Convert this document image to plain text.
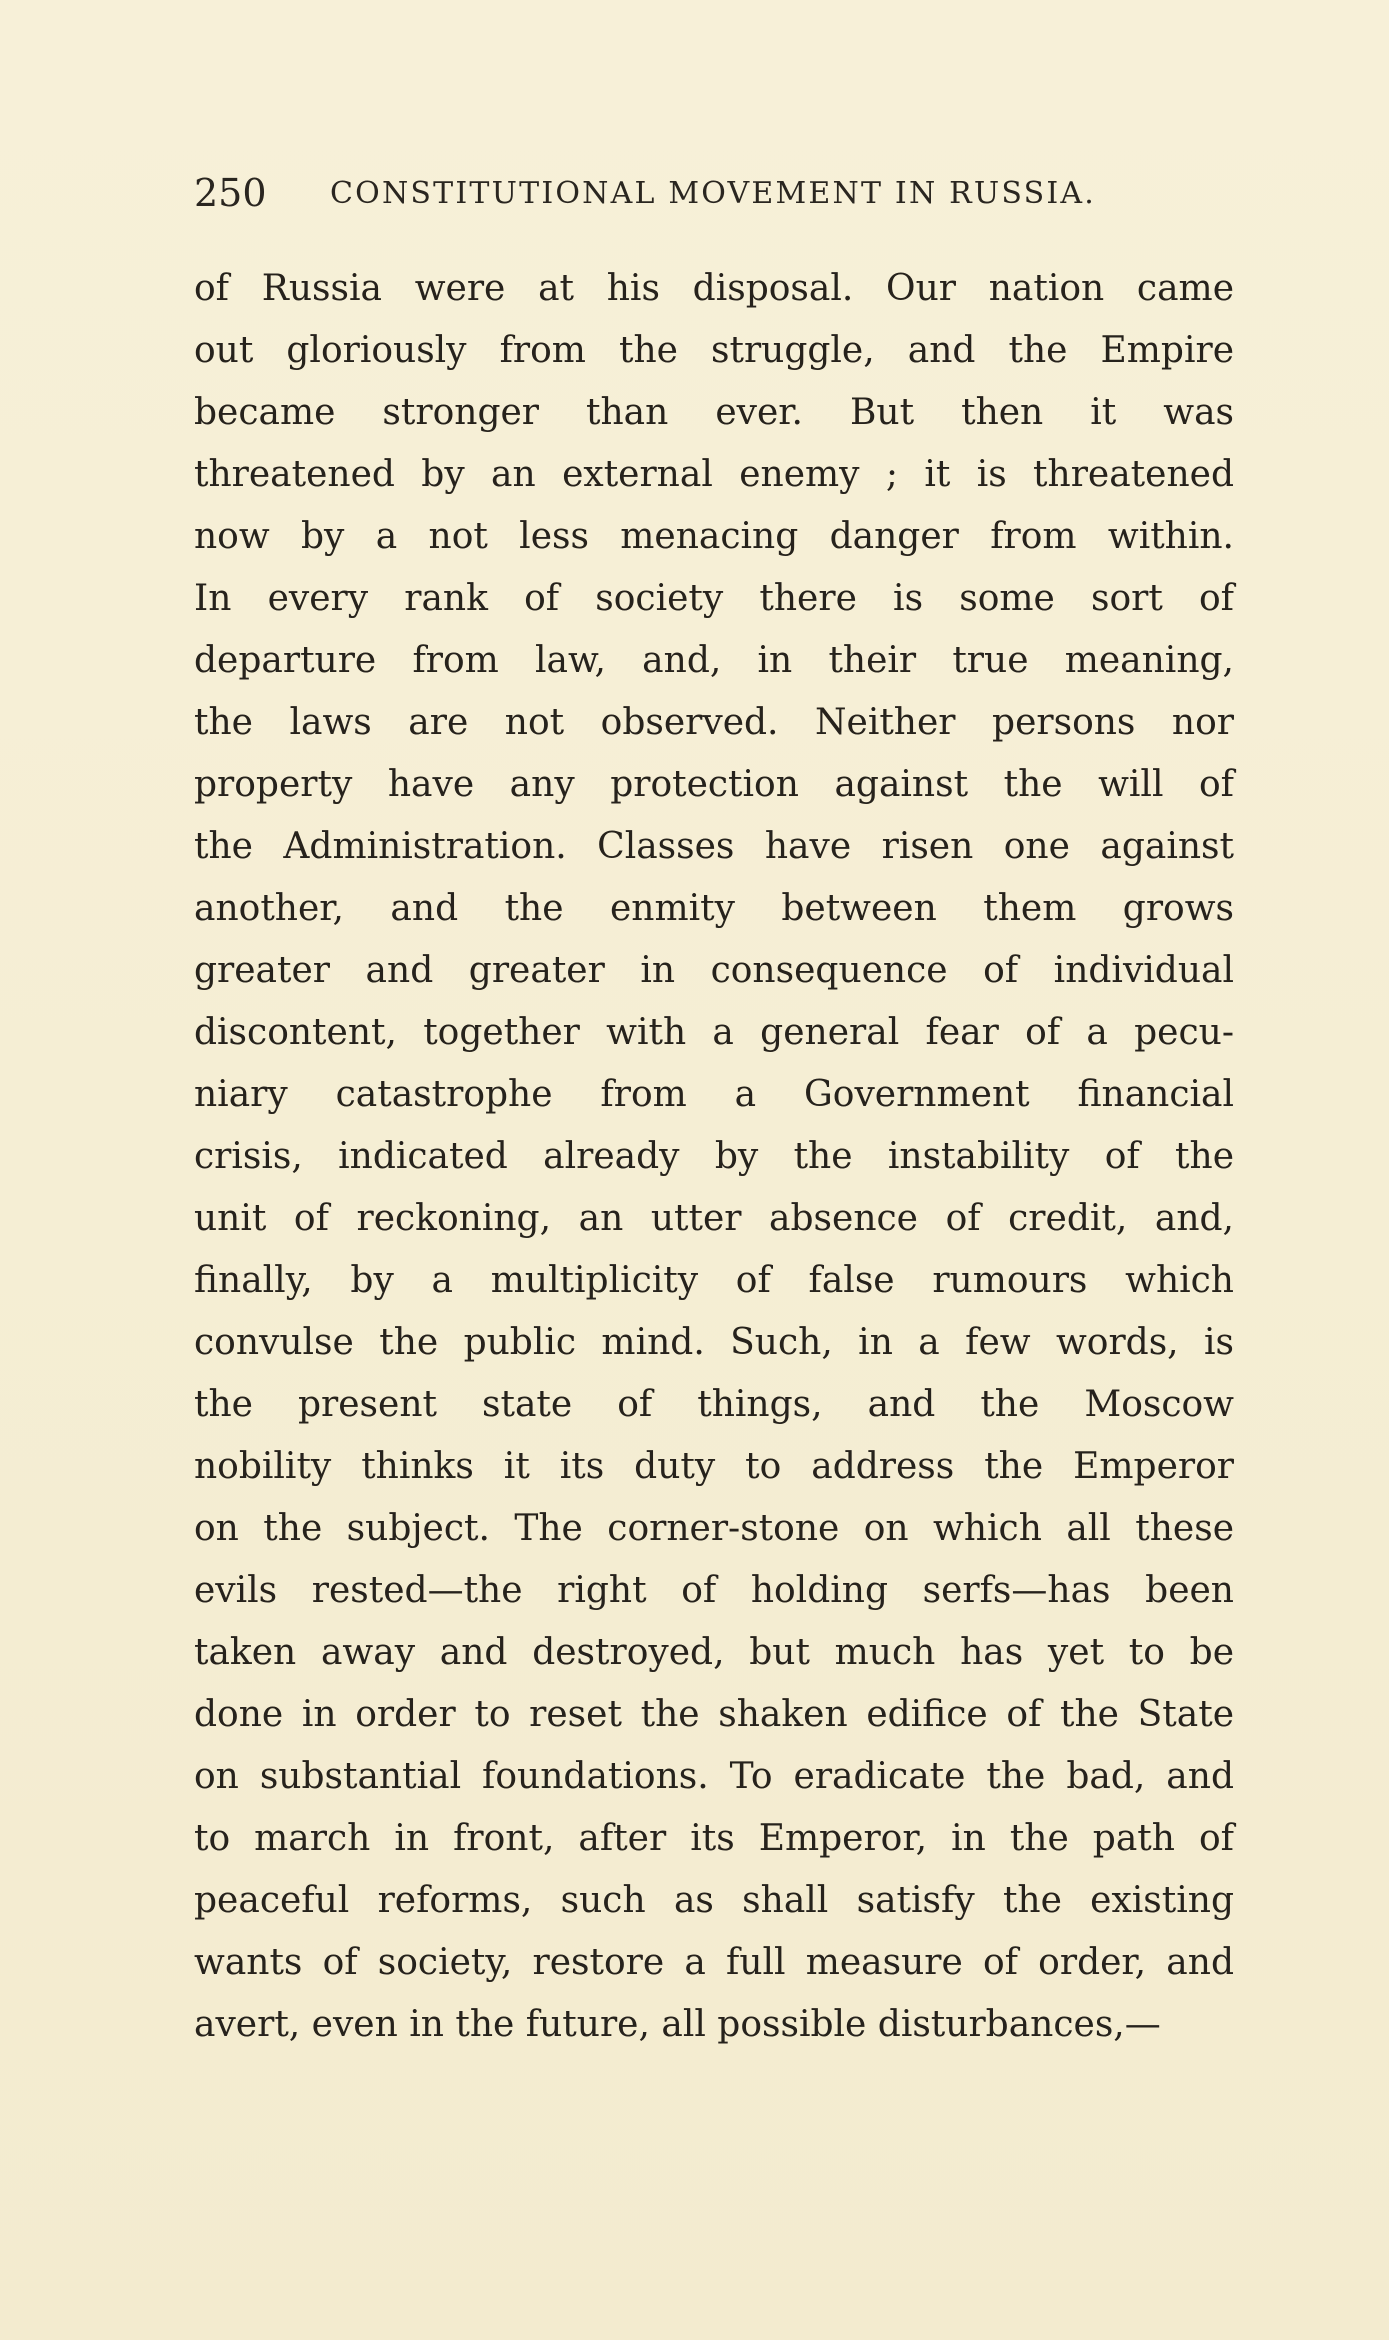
250 CONSTITUTIONAL MOVEMENT IN RUSSIA.
of Russia were at his disposal. Our nation came
out gloriously from the struggle, and the Empire
became stronger than ever. But then it was
threatened by an external enemy ; it is threatened
now by a not less menacing danger from within.
In every rank of society there is some sort of
departure from law, and, in their true meaning,
the laws are not observed. Neither persons nor
property have any protection against the will of
the Administration. Classes have risen one against
another, and the enmity between them grows
greater and greater in consequence of individual
discontent, together with a general fear of a pecu-
niary catastrophe from a Government financial
crisis, indicated already by the instability of the
unit of reckoning, an utter absence of credit, and,
finally, by a multiplicity of false rumours which
convulse the public mind. Such, in a few words, is
the present state of things, and the Moscow
nobility thinks it its duty to address the Emperor
on the subject. The corner-stone on which all these
evils rested—the right of holding serfs—has been
taken away and destroyed, but much has yet to be
done in order to reset the shaken edifice of the State
on substantial foundations. To eradicate the bad, and
to march in front, after its Emperor, in the path of
peaceful reforms, such as shall satisfy the existing
wants of society, restore a full measure of order, and
avert, even in the future, all possible disturbances,—
